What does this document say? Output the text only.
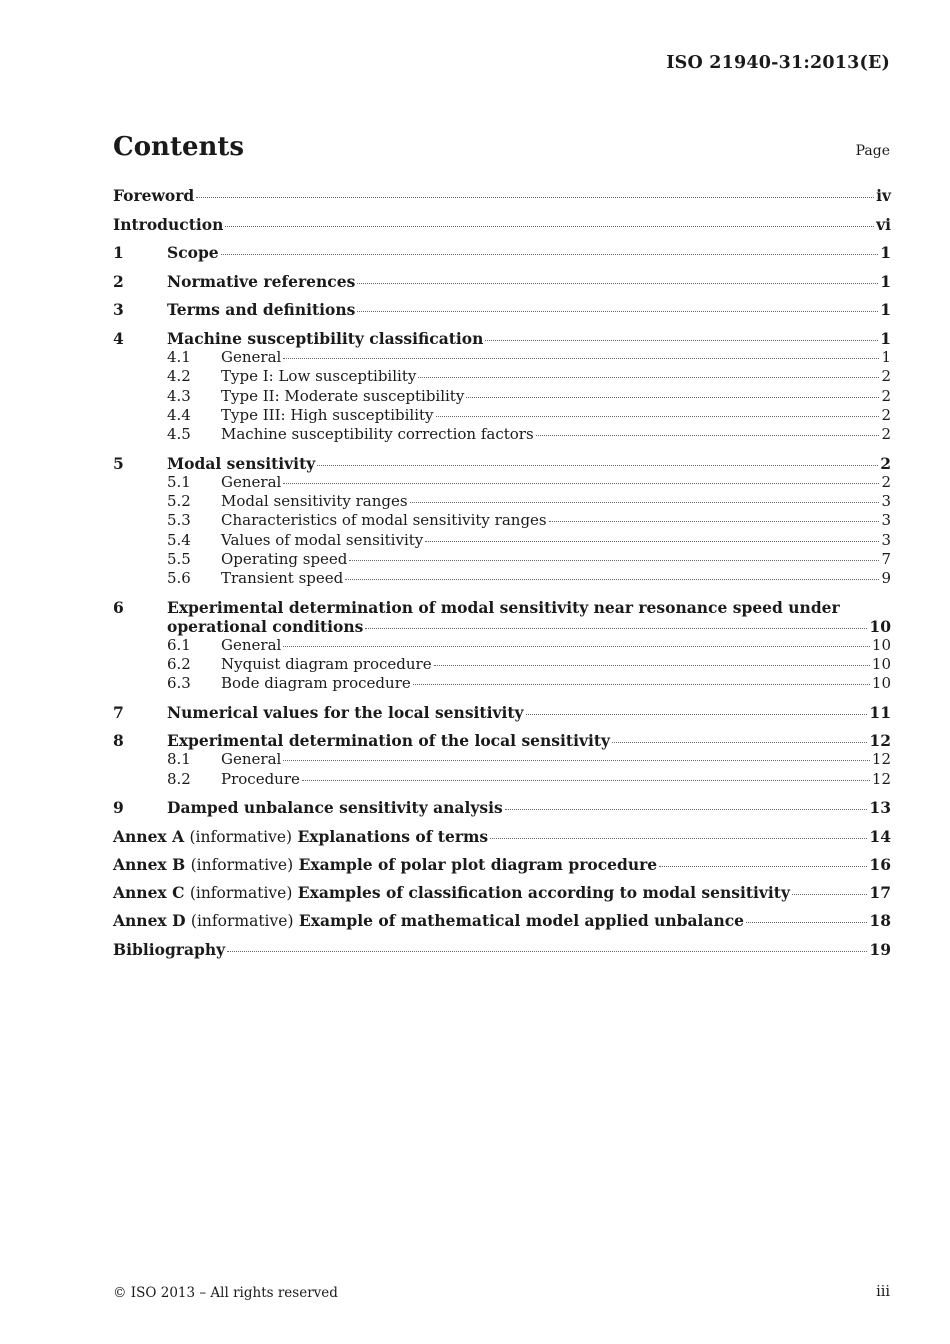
ISO 21940-31:2013(E)
Contents	Page
Foreword	iv
Introduction	vi
1	Scope	1
2	Normative references	1
3	Terms and definitions	1
4	Machine susceptibility classification	1
4.1	General	1
4.2	Type I: Low susceptibility	2
4.3	Type II: Moderate susceptibility	2
4.4	Type III: High susceptibility	2
4.5	Machine susceptibility correction factors	2
5	Modal sensitivity	2
5.1	General	2
5.2	Modal sensitivity ranges	3
5.3	Characteristics of modal sensitivity ranges	3
5.4	Values of modal sensitivity	3
5.5	Operating speed	7
5.6	Transient speed	9
6	Experimental determination of modal sensitivity near resonance speed under
operational conditions	10
6.1	General	10
6.2	Nyquist diagram procedure	10
6.3	Bode diagram procedure	10
7	Numerical values for the local sensitivity	11
8	Experimental determination of the local sensitivity	12
8.1	General	12
8.2	Procedure	12
9	Damped unbalance sensitivity analysis	13
Annex A (informative) Explanations of terms	14
Annex B (informative) Example of polar plot diagram procedure	16
Annex C (informative) Examples of classification according to modal sensitivity	17
Annex D (informative) Example of mathematical model applied unbalance	18
Bibliography	19
© ISO 2013 – All rights reserved	iii
